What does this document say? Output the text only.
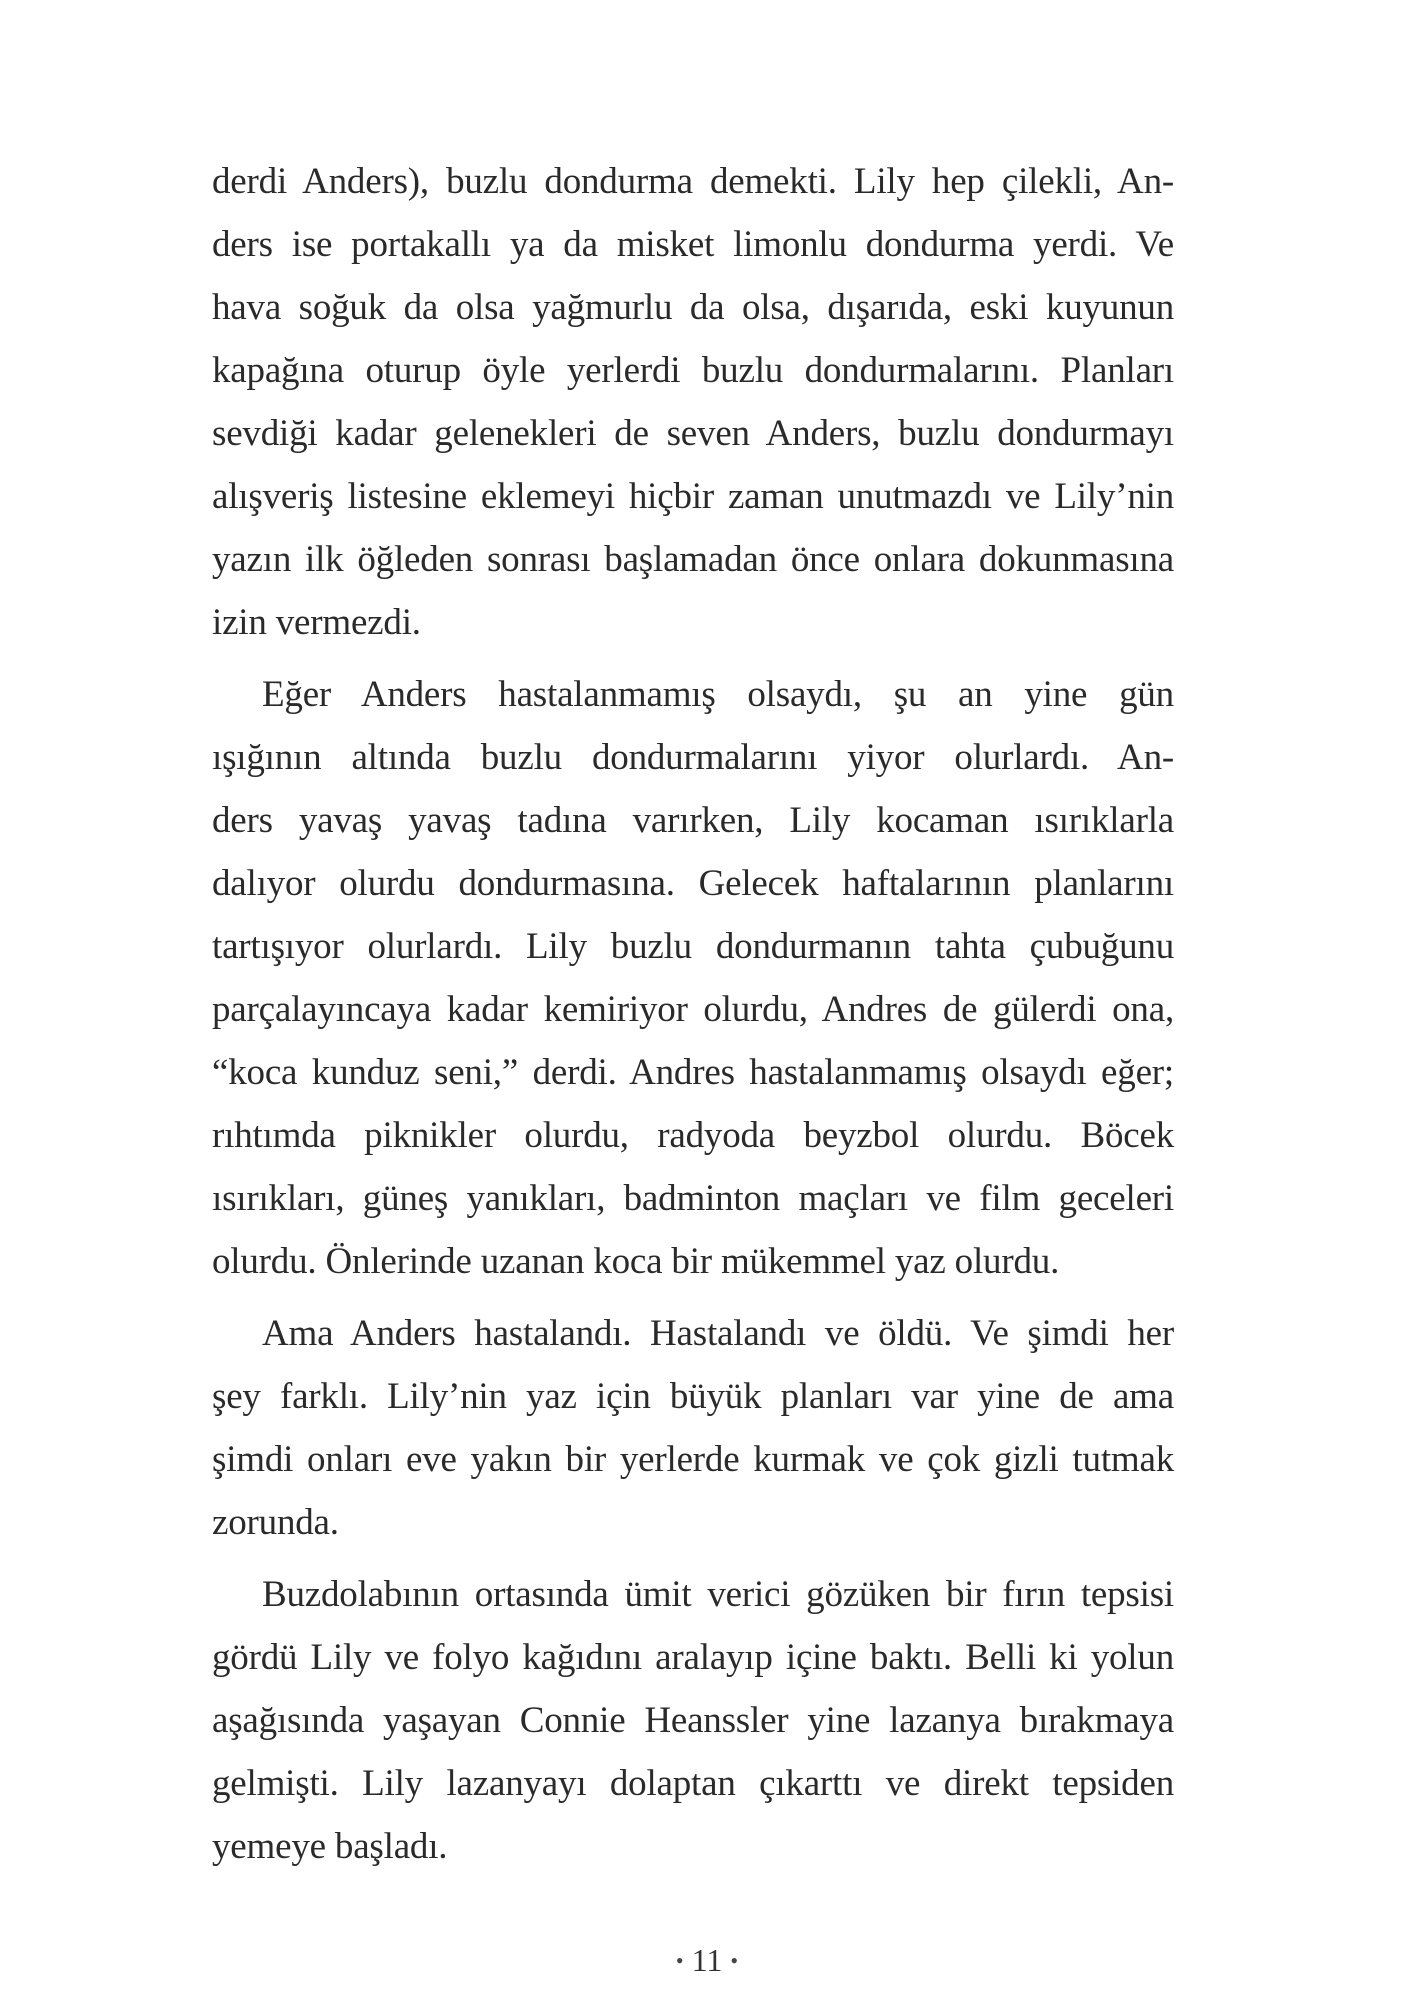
derdi Anders), buzlu dondurma demekti. Lily hep çilekli, An-
ders ise portakallı ya da misket limonlu dondurma yerdi. Ve
hava soğuk da olsa yağmurlu da olsa, dışarıda, eski kuyunun
kapağına oturup öyle yerlerdi buzlu dondurmalarını. Planları
sevdiği kadar gelenekleri de seven Anders, buzlu dondurmayı
alışveriş listesine eklemeyi hiçbir zaman unutmazdı ve Lily’nin
yazın ilk öğleden sonrası başlamadan önce onlara dokunmasına
izin vermezdi.
Eğer Anders hastalanmamış olsaydı, şu an yine gün
ışığının altında buzlu dondurmalarını yiyor olurlardı. An-
ders yavaş yavaş tadına varırken, Lily kocaman ısırıklarla
dalıyor olurdu dondurmasına. Gelecek haftalarının planlarını
tartışıyor olurlardı. Lily buzlu dondurmanın tahta çubuğunu
parçalayıncaya kadar kemiriyor olurdu, Andres de gülerdi ona,
“koca kunduz seni,” derdi. Andres hastalanmamış olsaydı eğer;
rıhtımda piknikler olurdu, radyoda beyzbol olurdu. Böcek
ısırıkları, güneş yanıkları, badminton maçları ve film geceleri
olurdu. Önlerinde uzanan koca bir mükemmel yaz olurdu.
Ama Anders hastalandı. Hastalandı ve öldü. Ve şimdi her
şey farklı. Lily’nin yaz için büyük planları var yine de ama
şimdi onları eve yakın bir yerlerde kurmak ve çok gizli tutmak
zorunda.
Buzdolabının ortasında ümit verici gözüken bir fırın tepsisi
gördü Lily ve folyo kağıdını aralayıp içine baktı. Belli ki yolun
aşağısında yaşayan Connie Heanssler yine lazanya bırakmaya
gelmişti. Lily lazanyayı dolaptan çıkarttı ve direkt tepsiden
yemeye başladı.
• 11 •
